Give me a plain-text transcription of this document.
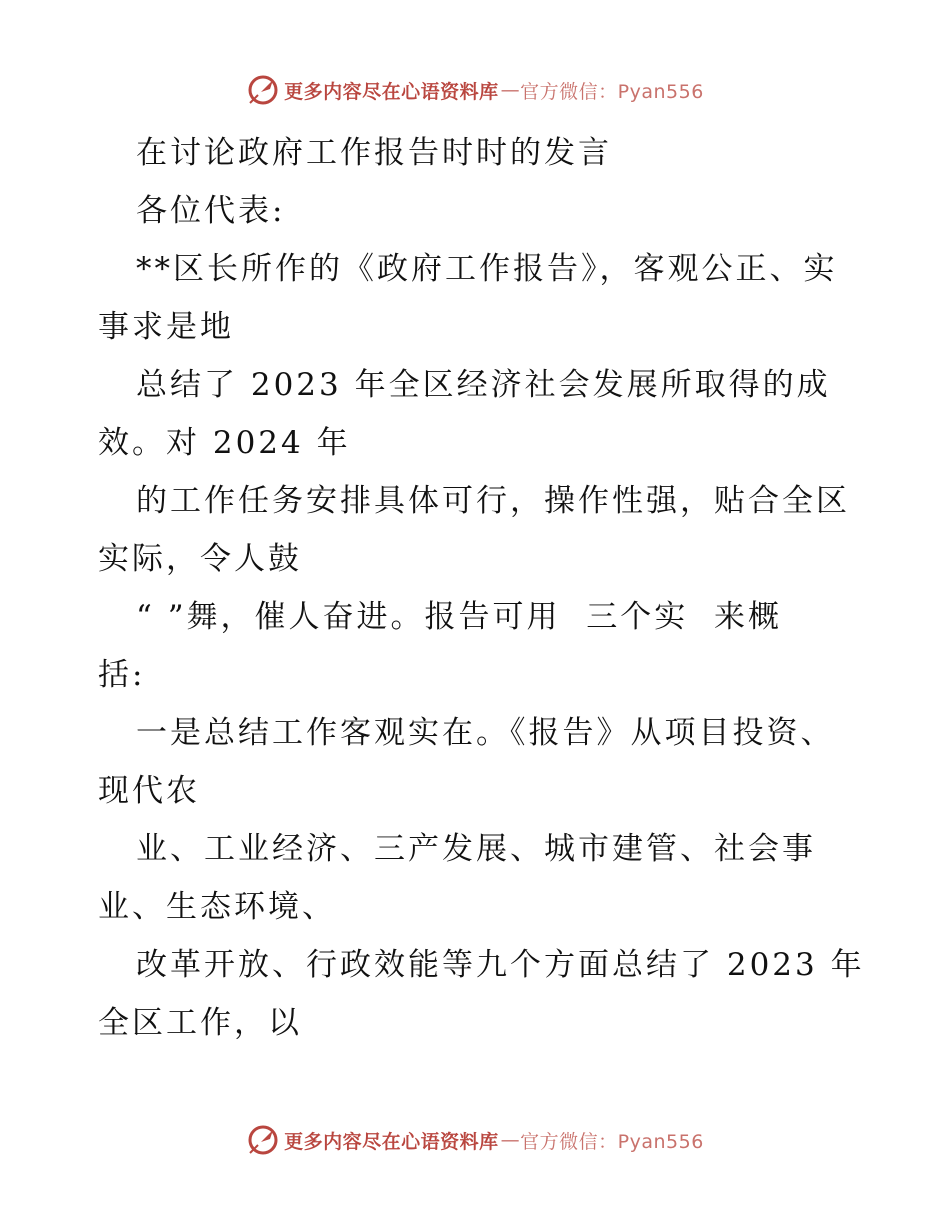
更多内容尽在心语资料库 — 官方微信：Pyan556
在讨论政府工作报告时时的发言
各位代表:
**区长所作的《政府工作报告》，客观公正、实
事求是地
总结了 2023 年全区经济社会发展所取得的成
效。对 2024 年
的工作任务安排具体可行，操作性强，贴合全区
实际，令人鼓
“ ”舞，催人奋进。报告可用  三个实  来概
括:
一是总结工作客观实在。《报告》从项目投资、
现代农
业、工业经济、三产发展、城市建管、社会事
业、生态环境、
改革开放、行政效能等九个方面总结了 2023 年
全区工作，以
更多内容尽在心语资料库 — 官方微信：Pyan556
